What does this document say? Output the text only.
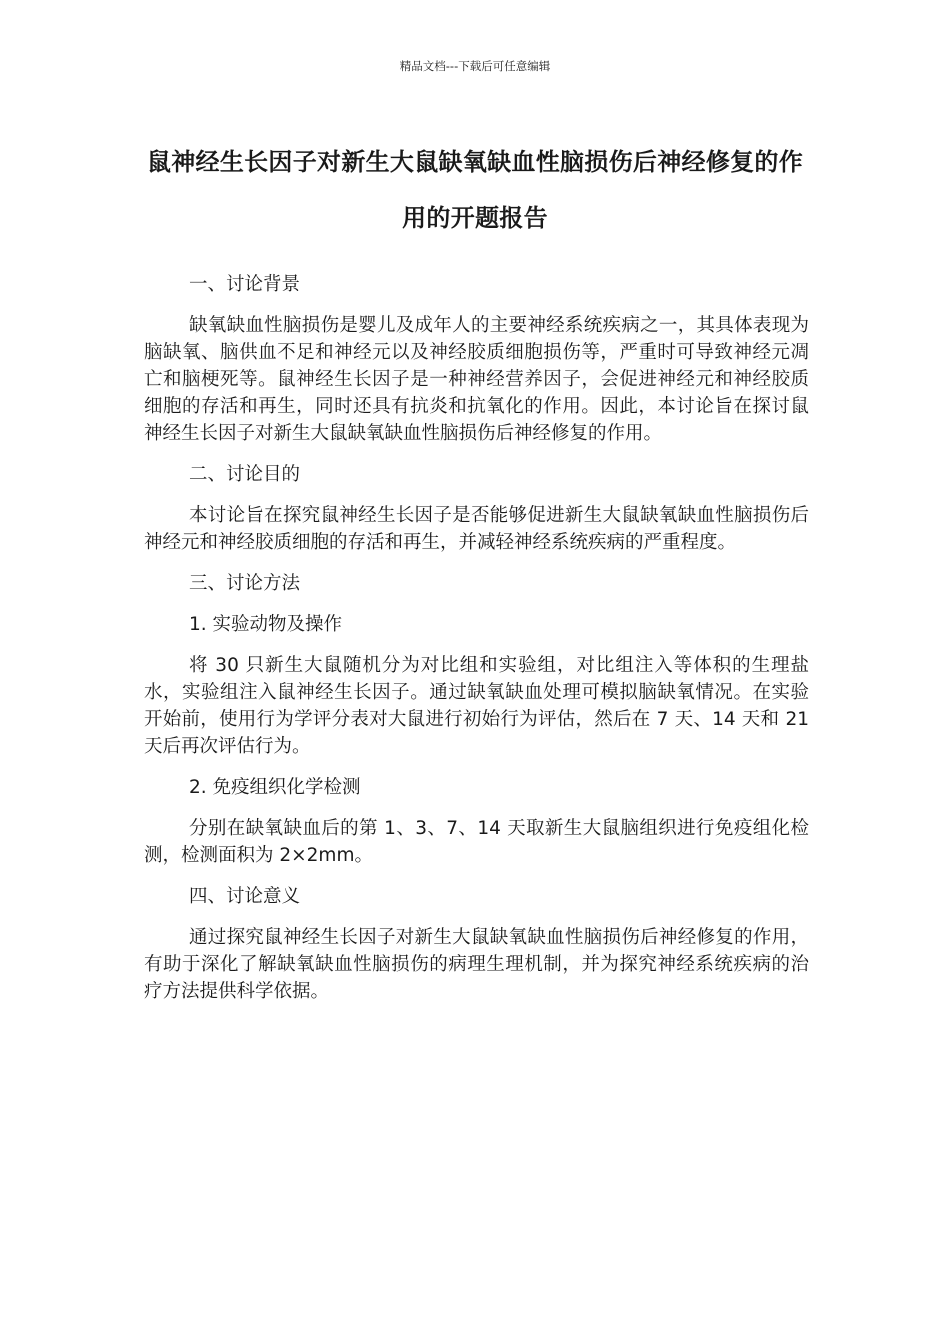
精品文档---下载后可任意编辑
鼠神经生长因子对新生大鼠缺氧缺血性脑损伤后神经修复的作用的开题报告
一、讨论背景

缺氧缺血性脑损伤是婴儿及成年人的主要神经系统疾病之一，其具体表现为脑缺氧、脑供血不足和神经元以及神经胶质细胞损伤等，严重时可导致神经元凋亡和脑梗死等。鼠神经生长因子是一种神经营养因子，会促进神经元和神经胶质细胞的存活和再生，同时还具有抗炎和抗氧化的作用。因此，本讨论旨在探讨鼠神经生长因子对新生大鼠缺氧缺血性脑损伤后神经修复的作用。

二、讨论目的

本讨论旨在探究鼠神经生长因子是否能够促进新生大鼠缺氧缺血性脑损伤后神经元和神经胶质细胞的存活和再生，并减轻神经系统疾病的严重程度。

三、讨论方法
1. 实验动物及操作

将 30 只新生大鼠随机分为对比组和实验组，对比组注入等体积的生理盐水，实验组注入鼠神经生长因子。通过缺氧缺血处理可模拟脑缺氧情况。在实验开始前，使用行为学评分表对大鼠进行初始行为评估，然后在 7 天、14 天和 21 天后再次评估行为。

2. 免疫组织化学检测

分别在缺氧缺血后的第 1、3、7、14 天取新生大鼠脑组织进行免疫组化检测，检测面积为 2×2mm。

四、讨论意义

通过探究鼠神经生长因子对新生大鼠缺氧缺血性脑损伤后神经修复的作用，有助于深化了解缺氧缺血性脑损伤的病理生理机制，并为探究神经系统疾病的治疗方法提供科学依据。
